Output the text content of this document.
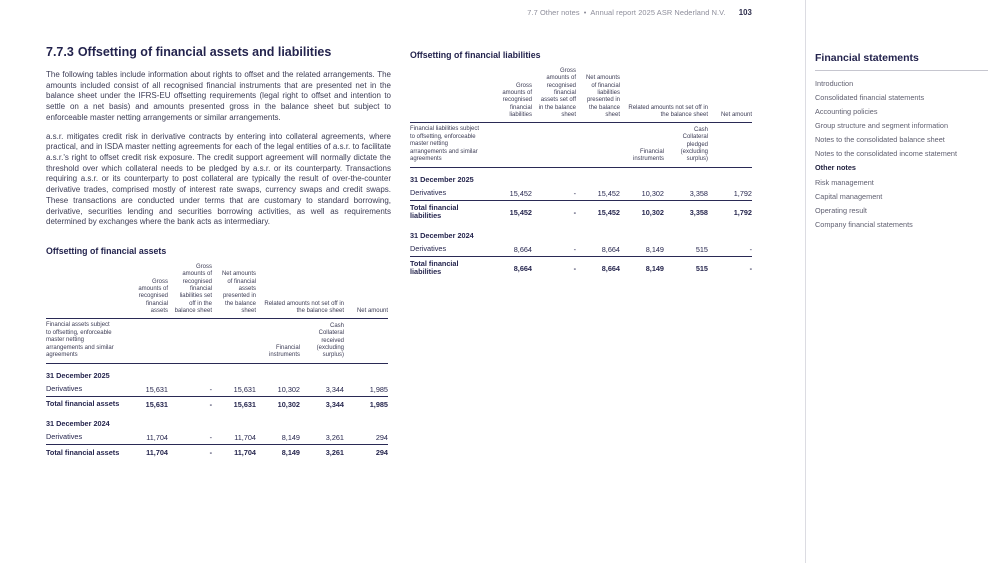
7.7 Other notes • Annual report 2025 ASR Nederland N.V. 103
7.7.3 Offsetting of financial assets and liabilities

The following tables include information about rights to offset and the related arrangements. The amounts included consist of all recognised financial instruments that are presented net in the balance sheet under the IFRS-EU offsetting requirements (legal right to offset and intention to settle on a net basis) and amounts presented gross in the balance sheet but subject to enforceable master netting arrangements or similar arrangements.

a.s.r. mitigates credit risk in derivative contracts by entering into collateral agreements, where practical, and in ISDA master netting agreements for each of the legal entities of a.s.r. to facilitate a.s.r.'s right to offset credit risk exposure. The credit support agreement will normally dictate the threshold over which collateral needs to be pledged by a.s.r. or its counterparty. Transactions requiring a.s.r. or its counterparty to post collateral are typically the result of over-the-counter derivative trades, comprised mostly of interest rate swaps, currency swaps and credit swaps. These transactions are conducted under terms that are customary to standard borrowing, derivative, securities lending and securities borrowing activities, as well as requirements determined by exchanges where the bank acts as intermediary.

Offsetting of financial liabilities
	Gross amounts of recognised financial liabilities	Gross amounts of recognised financial assets set off in the balance sheet	Net amounts of financial liabilities presented in the balance sheet	Related amounts not set off in the balance sheet		Net amount
Financial liabilities subject to offsetting, enforceable master netting arrangements and similar agreements				Financial instruments	Cash Collateral pledged (excluding surplus)	
31 December 2025						
Derivatives	15,452	-	15,452	10,302	3,358	1,792
Total financial liabilities	15,452	-	15,452	10,302	3,358	1,792
31 December 2024						
Derivatives	8,664	-	8,664	8,149	515	-
Total financial liabilities	8,664	-	8,664	8,149	515	-
Offsetting of financial assets
	Gross amounts of recognised financial assets	Gross amounts of recognised financial liabilities set off in the balance sheet	Net amounts of financial assets presented in the balance sheet	Related amounts not set off in the balance sheet		Net amount
Financial assets subject to offsetting, enforceable master netting arrangements and similar agreements				Financial instruments	Cash Collateral received (excluding surplus)	
31 December 2025						
Derivatives	15,631	-	15,631	10,302	3,344	1,985
Total financial assets	15,631	-	15,631	10,302	3,344	1,985
31 December 2024						
Derivatives	11,704	-	11,704	8,149	3,261	294
Total financial assets	11,704	-	11,704	8,149	3,261	294
Financial statements
Introduction
Consolidated financial statements
Accounting policies
Group structure and segment information
Notes to the consolidated balance sheet
Notes to the consolidated income statement
Other notes
Risk management
Capital management
Operating result
Company financial statements
